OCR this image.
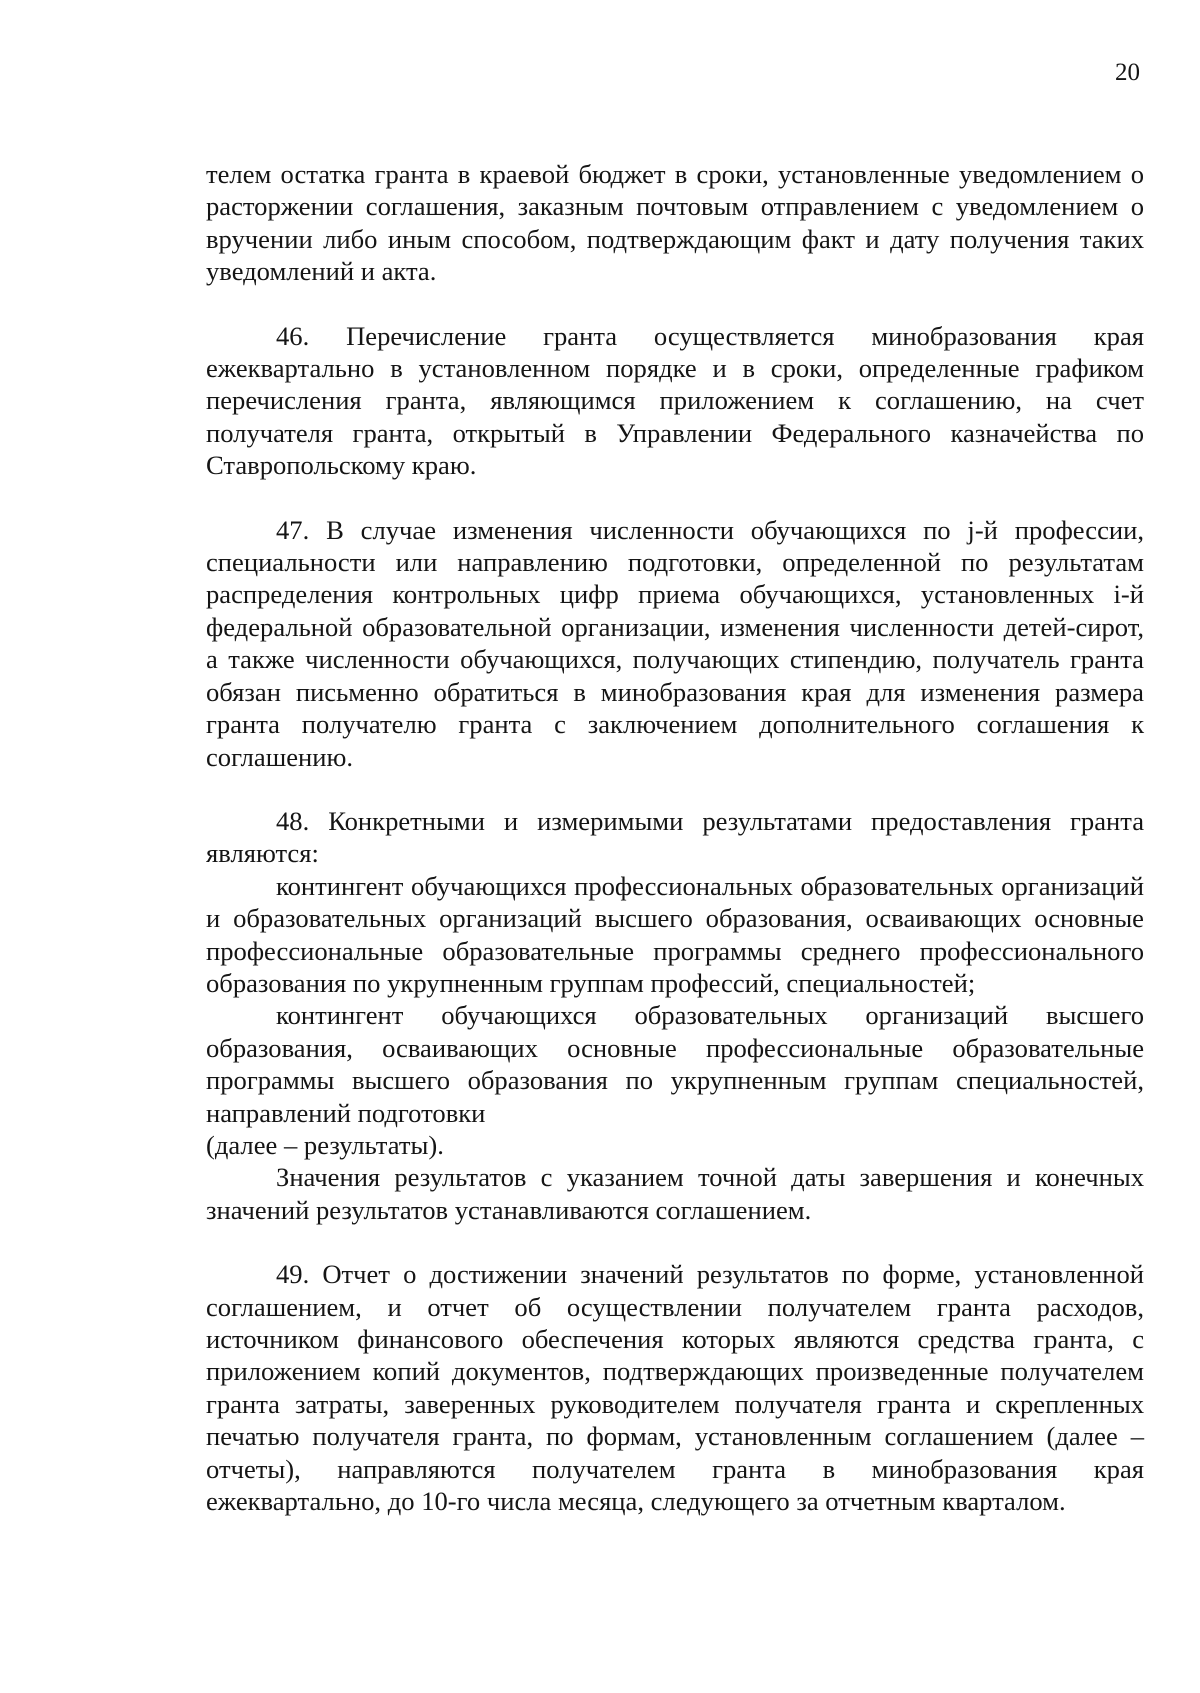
20

телем остатка гранта в краевой бюджет в сроки, установленные уведомлением о расторжении соглашения, заказным почтовым отправлением с уведомлением о вручении либо иным способом, подтверждающим факт и дату получения таких уведомлений и акта.

46. Перечисление гранта осуществляется минобразования края ежеквартально в установленном порядке и в сроки, определенные графиком перечисления гранта, являющимся приложением к соглашению, на счет получателя гранта, открытый в Управлении Федерального казначейства по Ставропольскому краю.

47. В случае изменения численности обучающихся по j-й профессии, специальности или направлению подготовки, определенной по результатам распределения контрольных цифр приема обучающихся, установленных i-й федеральной образовательной организации, изменения численности детей-сирот, а также численности обучающихся, получающих стипендию, получатель гранта обязан письменно обратиться в минобразования края для изменения размера гранта получателю гранта с заключением дополнительного соглашения к соглашению.

48. Конкретными и измеримыми результатами предоставления гранта являются:

контингент обучающихся профессиональных образовательных организаций и образовательных организаций высшего образования, осваивающих основные профессиональные образовательные программы среднего профессионального образования по укрупненным группам профессий, специальностей;

контингент обучающихся образовательных организаций высшего образования, осваивающих основные профессиональные образовательные программы высшего образования по укрупненным группам специальностей, направлений подготовки

(далее – результаты).

Значения результатов с указанием точной даты завершения и конечных значений результатов устанавливаются соглашением.

49. Отчет о достижении значений результатов по форме, установленной соглашением, и отчет об осуществлении получателем гранта расходов, источником финансового обеспечения которых являются средства гранта, с приложением копий документов, подтверждающих произведенные получателем гранта затраты, заверенных руководителем получателя гранта и скрепленных печатью получателя гранта, по формам, установленным соглашением (далее – отчеты), направляются получателем гранта в минобразования края ежеквартально, до 10-го числа месяца, следующего за отчетным кварталом.
